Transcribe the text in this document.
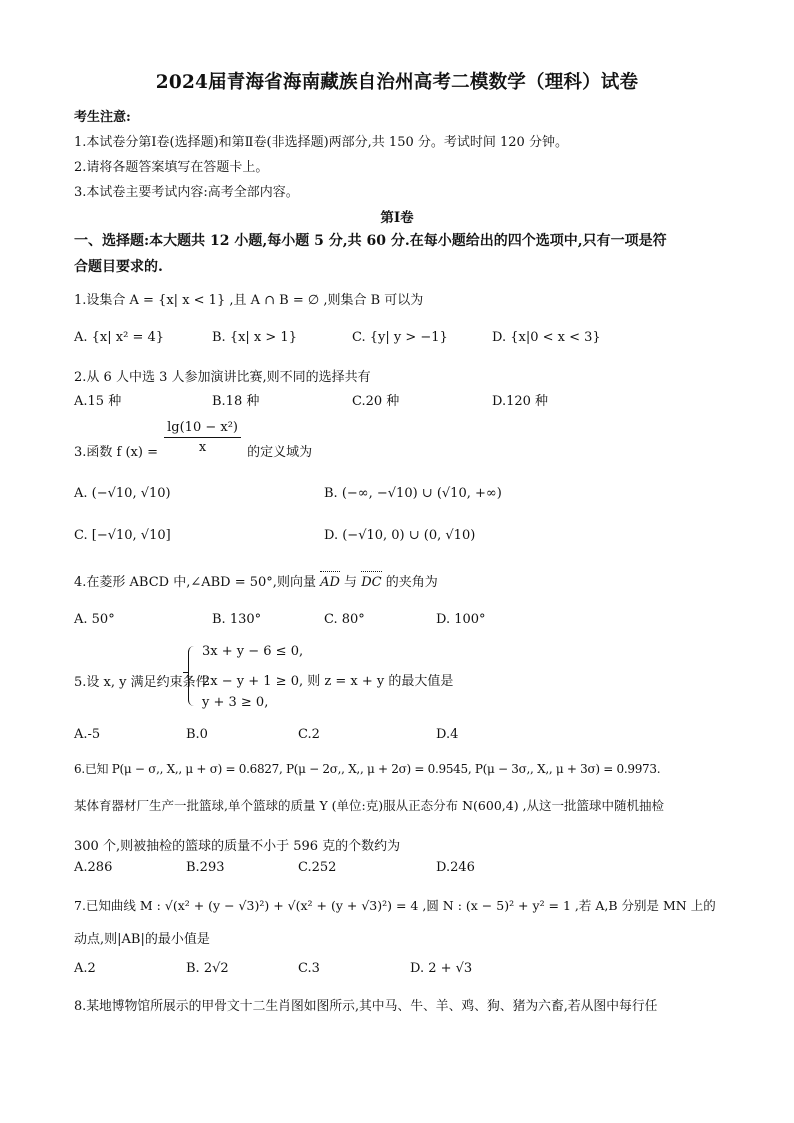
2024届青海省海南藏族自治州高考二模数学（理科）试卷
考生注意:
1.本试卷分第Ⅰ卷(选择题)和第Ⅱ卷(非选择题)两部分,共 150 分。考试时间 120 分钟。
2.请将各题答案填写在答题卡上。
3.本试卷主要考试内容:高考全部内容。
第Ⅰ卷
一、选择题:本大题共 12 小题,每小题 5 分,共 60 分.在每小题给出的四个选项中,只有一项是符
合题目要求的.
1.设集合 A = {x| x < 1} ,且 A ∩ B = ∅ ,则集合 B 可以为
A. {x| x² = 4}	B. {x| x > 1}	C. {y| y > −1}	D. {x|0 < x < 3}
2.从 6 人中选 3 人参加演讲比赛,则不同的选择共有
A.15 种	B.18 种	C.20 种	D.120 种
3.函数 f $(x) = \frac{\text{lg(10 − x²)}}{x}$ 的定义域为
A. (−√10, √10)	B. (−∞, −√10) ∪ (√10, +∞)
C. [−√10, √10]	D. (−√10, 0) ∪ (0, √10)
4.在菱形 ABCD 中,∠ABD = 50°,则向量 AD 与 DC 的夹角为
A. 50°	B. 130°	C. 80°	D. 100°
5.设 x, y 满足约束条件
3x + y − 6 ≤ 0,
2x − y + 1 ≥ 0, 则 z = x + y 的最大值是
y + 3 ≥ 0,
A.-5	B.0	C.2	D.4
6.已知 P(μ − σ,, X,, μ + σ) = 0.6827, P(μ − 2σ,, X,, μ + 2σ) = 0.9545, P(μ − 3σ,, X,, μ + 3σ) = 0.9973.
某体育器材厂生产一批篮球,单个篮球的质量 Y (单位:克)服从正态分布 N(600,4) ,从这一批篮球中随机抽检
300 个,则被抽检的篮球的质量不小于 596 克的个数约为
A.286	B.293	C.252	D.246
7.已知曲线 M : √(x² + (y − √3)²) + √(x² + (y + √3)²) = 4 ,圆 N : (x − 5)² + y² = 1 ,若 A,B 分别是 MN 上的
动点,则|AB|的最小值是
A.2	B. 2√2	C.3	D. 2 + √3
8.某地博物馆所展示的甲骨文十二生肖图如图所示,其中马、牛、羊、鸡、狗、猪为六畜,若从图中每行任
